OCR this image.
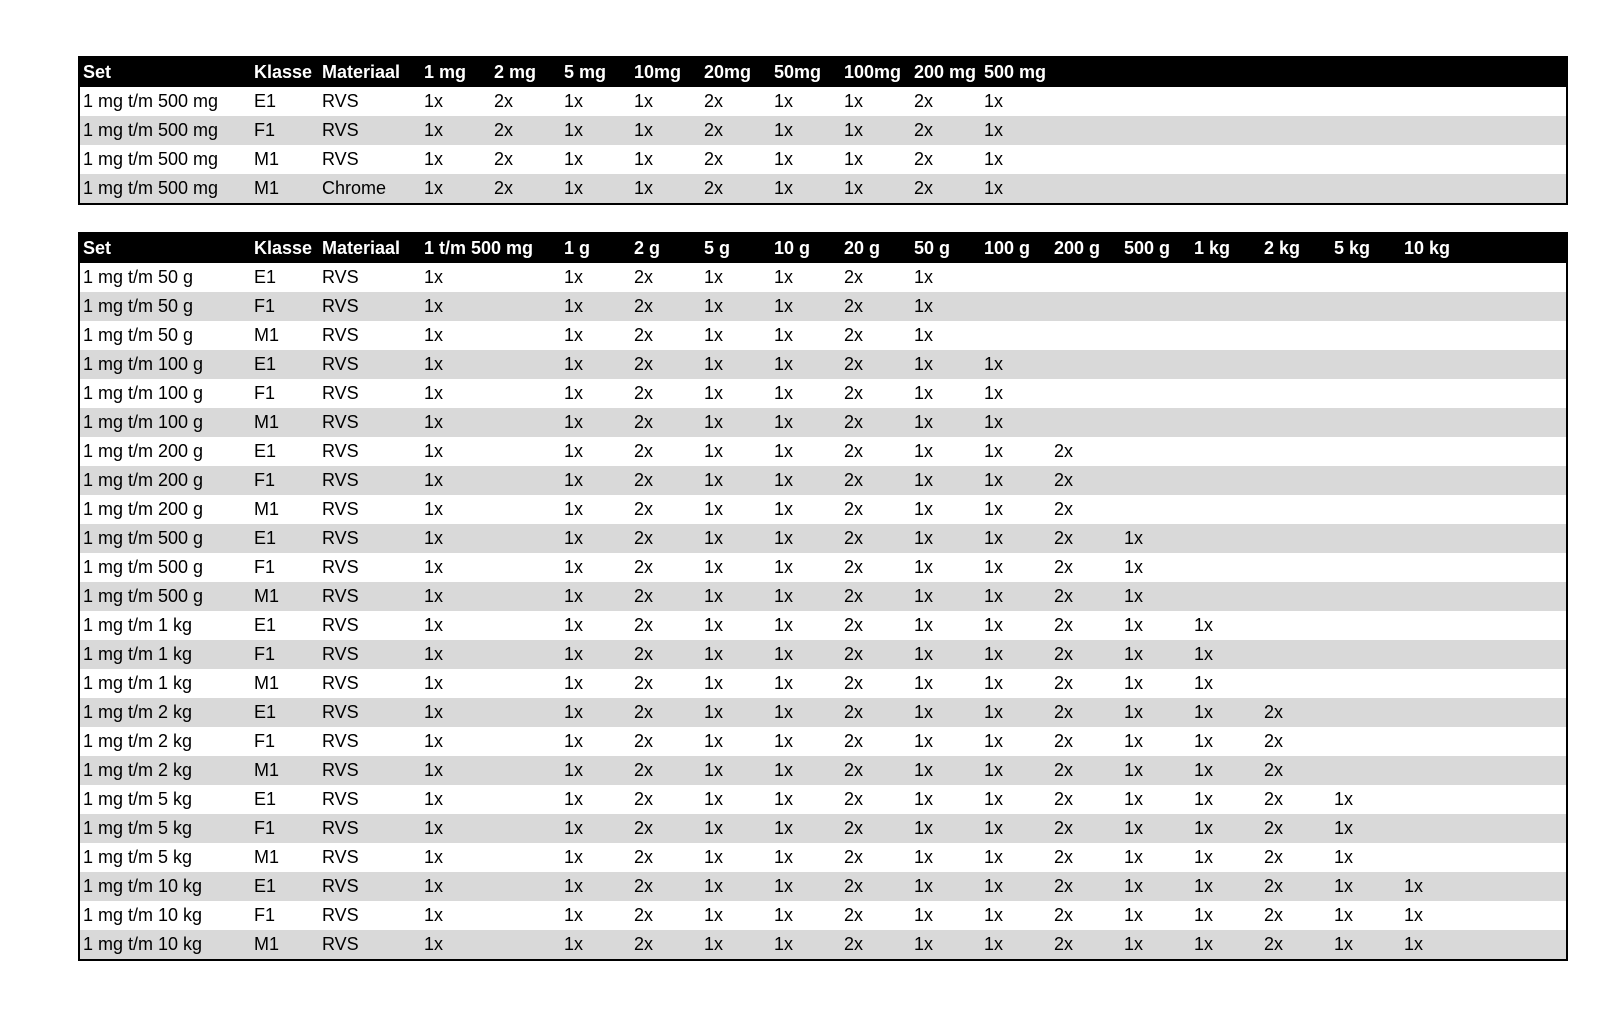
Set	Klasse	Materiaal	1 mg	2 mg	5 mg	10mg	20mg	50mg	100mg	200 mg	500 mg							
1 mg t/m 500 mg	E1	RVS	1x	2x	1x	1x	2x	1x	1x	2x	1x							
1 mg t/m 500 mg	F1	RVS	1x	2x	1x	1x	2x	1x	1x	2x	1x							
1 mg t/m 500 mg	M1	RVS	1x	2x	1x	1x	2x	1x	1x	2x	1x							
1 mg t/m 500 mg	M1	Chrome	1x	2x	1x	1x	2x	1x	1x	2x	1x							
Set	Klasse	Materiaal	1 t/m 500 mg		1 g	2 g	5 g	10 g	20 g	50 g	100 g	200 g	500 g	1 kg	2 kg	5 kg	10 kg	
1 mg t/m 50 g	E1	RVS	1x		1x	2x	1x	1x	2x	1x								
1 mg t/m 50 g	F1	RVS	1x		1x	2x	1x	1x	2x	1x								
1 mg t/m 50 g	M1	RVS	1x		1x	2x	1x	1x	2x	1x								
1 mg t/m 100 g	E1	RVS	1x		1x	2x	1x	1x	2x	1x	1x							
1 mg t/m 100 g	F1	RVS	1x		1x	2x	1x	1x	2x	1x	1x							
1 mg t/m 100 g	M1	RVS	1x		1x	2x	1x	1x	2x	1x	1x							
1 mg t/m 200 g	E1	RVS	1x		1x	2x	1x	1x	2x	1x	1x	2x						
1 mg t/m 200 g	F1	RVS	1x		1x	2x	1x	1x	2x	1x	1x	2x						
1 mg t/m 200 g	M1	RVS	1x		1x	2x	1x	1x	2x	1x	1x	2x						
1 mg t/m 500 g	E1	RVS	1x		1x	2x	1x	1x	2x	1x	1x	2x	1x					
1 mg t/m 500 g	F1	RVS	1x		1x	2x	1x	1x	2x	1x	1x	2x	1x					
1 mg t/m 500 g	M1	RVS	1x		1x	2x	1x	1x	2x	1x	1x	2x	1x					
1 mg t/m 1 kg	E1	RVS	1x		1x	2x	1x	1x	2x	1x	1x	2x	1x	1x				
1 mg t/m 1 kg	F1	RVS	1x		1x	2x	1x	1x	2x	1x	1x	2x	1x	1x				
1 mg t/m 1 kg	M1	RVS	1x		1x	2x	1x	1x	2x	1x	1x	2x	1x	1x				
1 mg t/m 2 kg	E1	RVS	1x		1x	2x	1x	1x	2x	1x	1x	2x	1x	1x	2x			
1 mg t/m 2 kg	F1	RVS	1x		1x	2x	1x	1x	2x	1x	1x	2x	1x	1x	2x			
1 mg t/m 2 kg	M1	RVS	1x		1x	2x	1x	1x	2x	1x	1x	2x	1x	1x	2x			
1 mg t/m 5 kg	E1	RVS	1x		1x	2x	1x	1x	2x	1x	1x	2x	1x	1x	2x	1x		
1 mg t/m 5 kg	F1	RVS	1x		1x	2x	1x	1x	2x	1x	1x	2x	1x	1x	2x	1x		
1 mg t/m 5 kg	M1	RVS	1x		1x	2x	1x	1x	2x	1x	1x	2x	1x	1x	2x	1x		
1 mg t/m 10 kg	E1	RVS	1x		1x	2x	1x	1x	2x	1x	1x	2x	1x	1x	2x	1x	1x	
1 mg t/m 10 kg	F1	RVS	1x		1x	2x	1x	1x	2x	1x	1x	2x	1x	1x	2x	1x	1x	
1 mg t/m 10 kg	M1	RVS	1x		1x	2x	1x	1x	2x	1x	1x	2x	1x	1x	2x	1x	1x	
